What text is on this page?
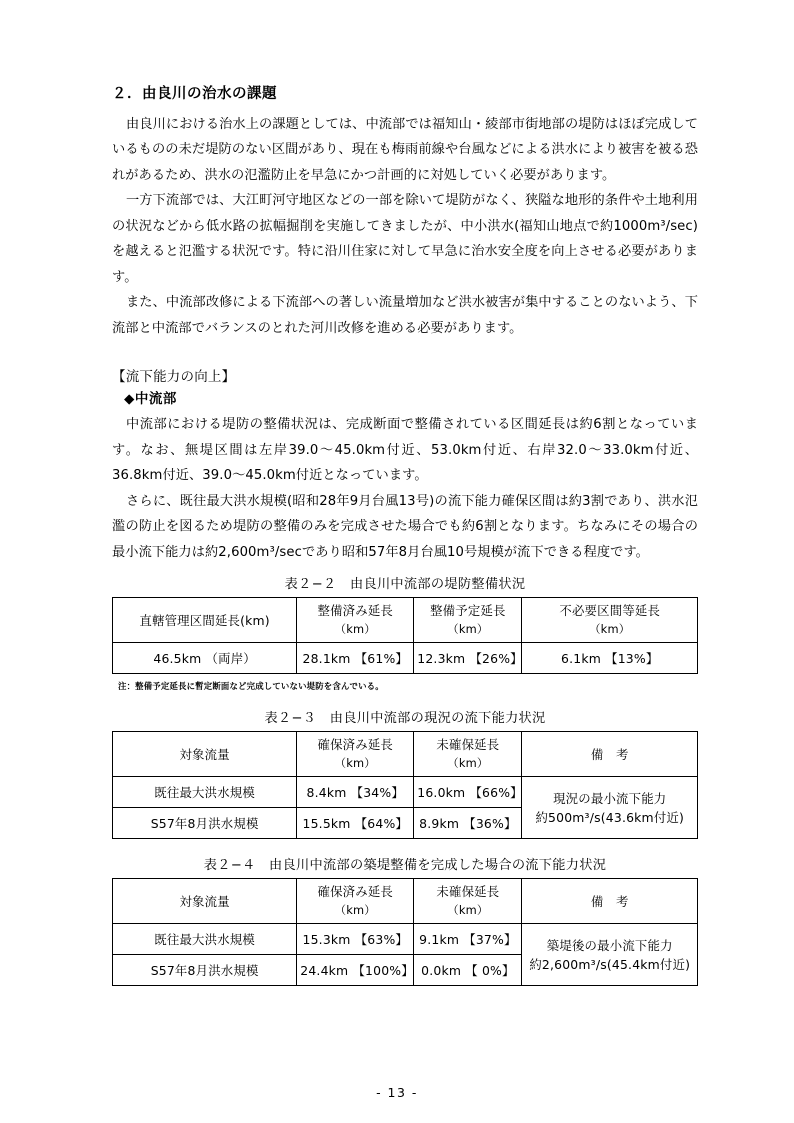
２．由良川の治水の課題

由良川における治水上の課題としては、中流部では福知山・綾部市街地部の堤防はほぼ完成しているものの未だ堤防のない区間があり、現在も梅雨前線や台風などによる洪水により被害を被る恐れがあるため、洪水の氾濫防止を早急にかつ計画的に対処していく必要があります。

一方下流部では、大江町河守地区などの一部を除いて堤防がなく、狭隘な地形的条件や土地利用の状況などから低水路の拡幅掘削を実施してきましたが、中小洪水(福知山地点で約1000m³/sec)を越えると氾濫する状況です。特に沿川住家に対して早急に治水安全度を向上させる必要があります。

また、中流部改修による下流部への著しい流量増加など洪水被害が集中することのないよう、下流部と中流部でバランスのとれた河川改修を進める必要があります。

【流下能力の向上】

◆中流部

中流部における堤防の整備状況は、完成断面で整備されている区間延長は約6割となっています。なお、無堤区間は左岸39.0～45.0km付近、53.0km付近、右岸32.0～33.0km付近、36.8km付近、39.0～45.0km付近となっています。

さらに、既往最大洪水規模(昭和28年9月台風13号)の流下能力確保区間は約3割であり、洪水氾濫の防止を図るため堤防の整備のみを完成させた場合でも約6割となります。ちなみにその場合の最小流下能力は約2,600m³/secであり昭和57年8月台風10号規模が流下できる程度です。

表２−２　由良川中流部の堤防整備状況

直轄管理区間延長(km)	整備済み延長
（km）	整備予定延長
（km）	不必要区間等延長
（km）

46.5km （両岸）	28.1km 【61%】	12.3km 【26%】	6.1km 【13%】

注：整備予定延長に暫定断面など完成していない堤防を含んでいる。

表２−３　由良川中流部の現況の流下能力状況

対象流量	確保済み延長
（km）	未確保延長
（km）	備　考
既往最大洪水規模	8.4km 【34%】	16.0km 【66%】	現況の最小流下能力
約500m³/s(43.6km付近)

S57年8月洪水規模	15.5km 【64%】	8.9km 【36%】	

表２−４　由良川中流部の築堤整備を完成した場合の流下能力状況

対象流量	確保済み延長
（km）	未確保延長
（km）	備　考
既往最大洪水規模	15.3km 【63%】	9.1km 【37%】	築堤後の最小流下能力
約2,600m³/s(45.4km付近)

S57年8月洪水規模	24.4km 【100%】	0.0km 【 0%】	
- 13 -
